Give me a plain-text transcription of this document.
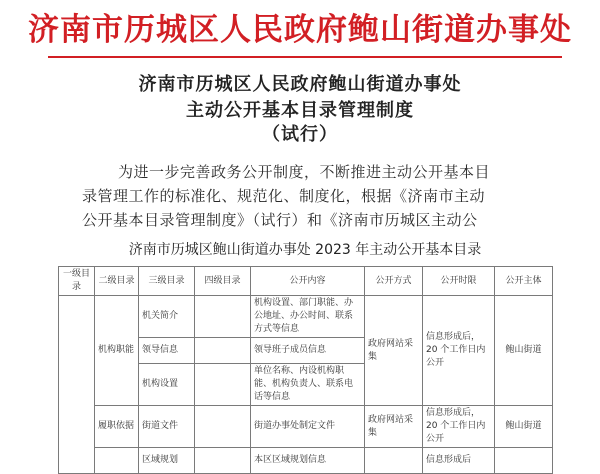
济南市历城区人民政府鲍山街道办事处
济南市历城区人民政府鲍山街道办事处
主动公开基本目录管理制度
（试行）
为进一步完善政务公开制度，不断推进主动公开基本目
录管理工作的标准化、规范化、制度化，根据《济南市主动
公开基本目录管理制度》（试行）和《济南市历城区主动公
济南市历城区鲍山街道办事处 2023 年主动公开基本目录
一级目录	二级目录	三级目录	四级目录	公开内容	公开方式	公开时限	公开主体
	机构职能	机关简介		机构设置、部门职能、办公地址、办公时间、联系方式等信息	政府网站采集	信息形成后，20 个工作日内公开	鲍山街道
		领导信息		领导班子成员信息			
		机构设置		单位名称、内设机构职能、机构负责人、联系电话等信息			
	履职依据	街道文件		街道办事处制定文件	政府网站采集	信息形成后，20 个工作日内公开	鲍山街道
		区域规划		本区区域规划信息		信息形成后	
